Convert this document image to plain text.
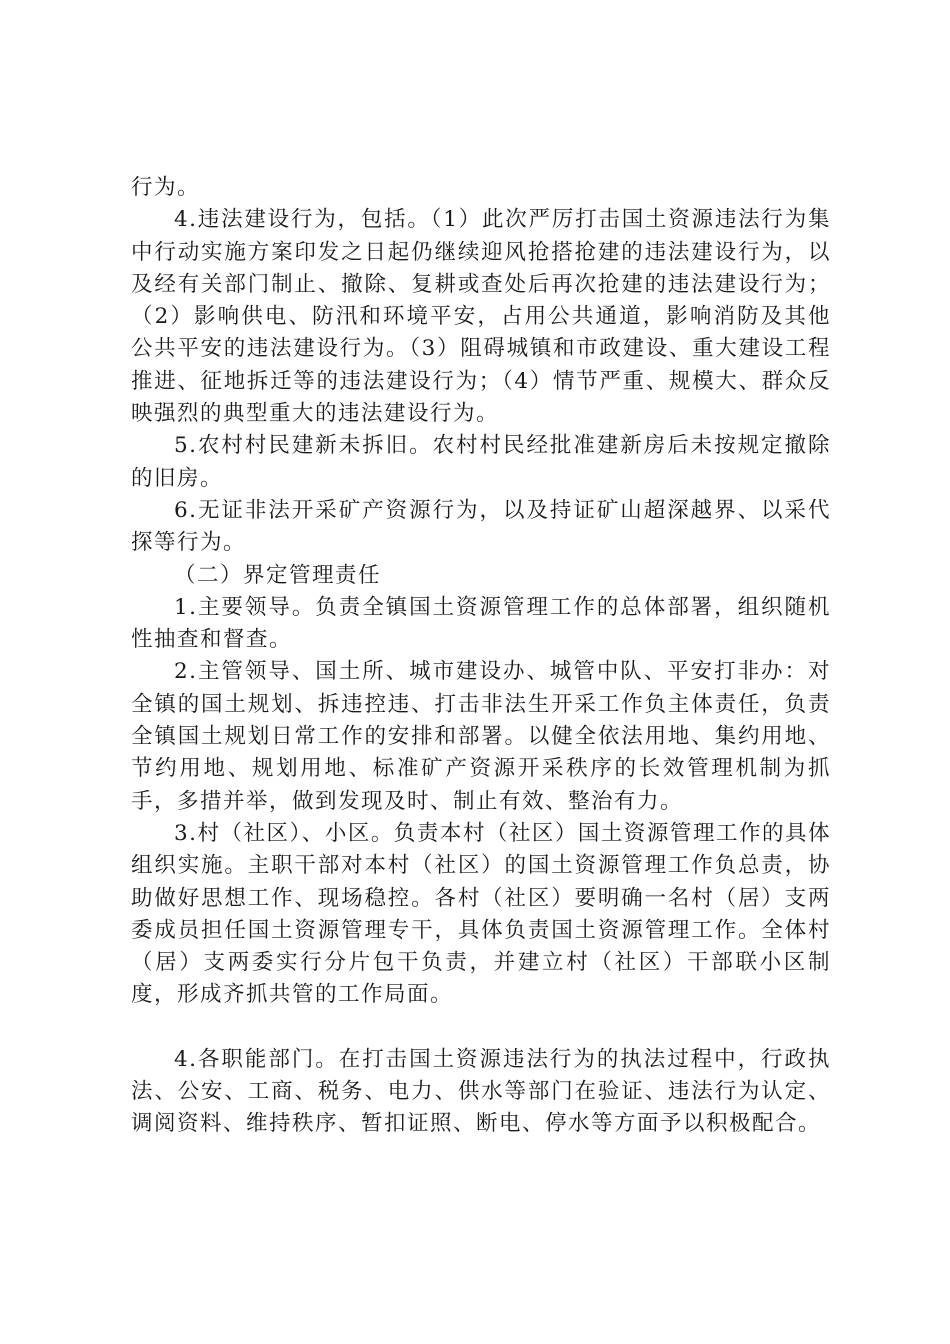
行为。

4.违法建设行为，包括。（1）此次严厉打击国土资源违法行为集中行动实施方案印发之日起仍继续迎风抢搭抢建的违法建设行为，以及经有关部门制止、撤除、复耕或查处后再次抢建的违法建设行为；（2）影响供电、防汛和环境平安，占用公共通道，影响消防及其他公共平安的违法建设行为。（3）阻碍城镇和市政建设、重大建设工程推进、征地拆迁等的违法建设行为；（4）情节严重、规模大、群众反映强烈的典型重大的违法建设行为。

5.农村村民建新未拆旧。农村村民经批准建新房后未按规定撤除的旧房。

6.无证非法开采矿产资源行为，以及持证矿山超深越界、以采代探等行为。

（二）界定管理责任

1.主要领导。负责全镇国土资源管理工作的总体部署，组织随机性抽查和督查。

2.主管领导、国土所、城市建设办、城管中队、平安打非办：对全镇的国土规划、拆违控违、打击非法生开采工作负主体责任，负责全镇国土规划日常工作的安排和部署。以健全依法用地、集约用地、节约用地、规划用地、标准矿产资源开采秩序的长效管理机制为抓手，多措并举，做到发现及时、制止有效、整治有力。

3.村（社区）、小区。负责本村（社区）国土资源管理工作的具体组织实施。主职干部对本村（社区）的国土资源管理工作负总责，协助做好思想工作、现场稳控。各村（社区）要明确一名村（居）支两委成员担任国土资源管理专干，具体负责国土资源管理工作。全体村（居）支两委实行分片包干负责，并建立村（社区）干部联小区制度，形成齐抓共管的工作局面。

4.各职能部门。在打击国土资源违法行为的执法过程中，行政执法、公安、工商、税务、电力、供水等部门在验证、违法行为认定、调阅资料、维持秩序、暂扣证照、断电、停水等方面予以积极配合。
